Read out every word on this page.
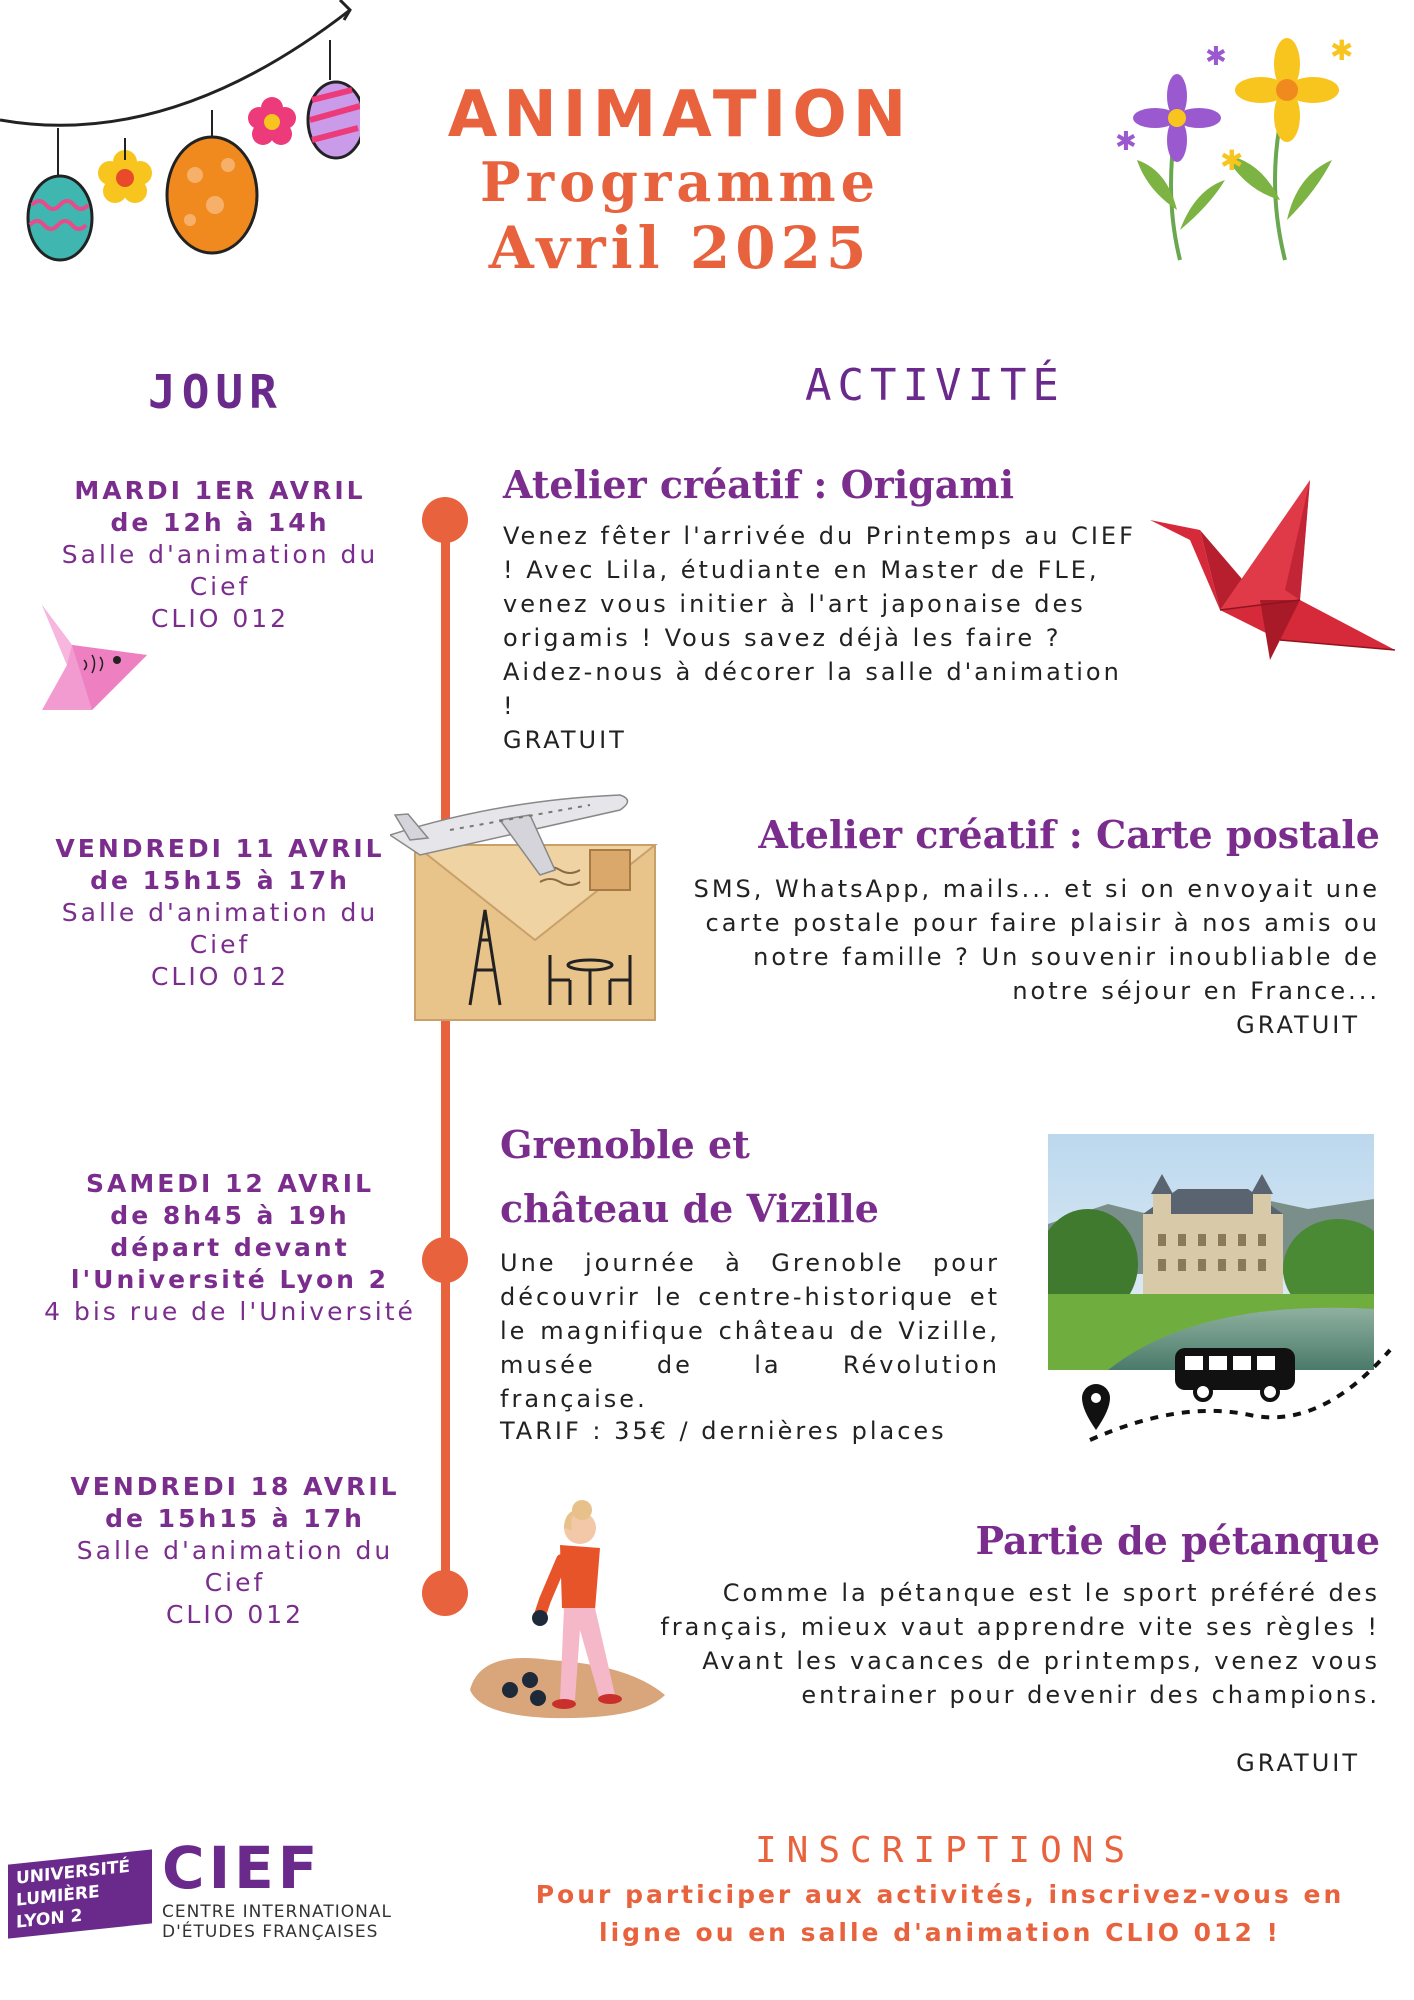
✱
✱	✱
✱
ANIMATION
Programme
Avril 2025
JOUR	ACTIVITÉ
MARDI 1ER AVRIL
de 12h à 14h
Salle d'animation du Cief
CLIO 012
Atelier créatif : Origami
Venez fêter l'arrivée du Printemps au CIEF ! Avec Lila, étudiante en Master de FLE, venez vous initier à l'art japonaise des origamis ! Vous savez déjà les faire ? Aidez-nous à décorer la salle d'animation !
GRATUIT
VENDREDI 11 AVRIL
de 15h15 à 17h
Salle d'animation du Cief
CLIO 012
Atelier créatif : Carte postale
SMS, WhatsApp, mails... et si on envoyait une carte postale pour faire plaisir à nos amis ou notre famille ? Un souvenir inoubliable de notre séjour en France...
GRATUIT
SAMEDI 12 AVRIL
de 8h45 à 19h
départ devant l'Université Lyon 2
4 bis rue de l'Université
Grenoble et
château de Vizille
Une journée à Grenoble pour découvrir le centre-historique et le magnifique château de Vizille, musée de la Révolution française.
TARIF : 35€ / dernières places
VENDREDI 18 AVRIL
de 15h15 à 17h
Salle d'animation du Cief
CLIO 012
Partie de pétanque
Comme la pétanque est le sport préféré des français, mieux vaut apprendre vite ses règles ! Avant les vacances de printemps, venez vous entrainer pour devenir des champions.
GRATUIT
UNIVERSITÉ LUMIÈRE LYON 2
CIEF
CENTRE INTERNATIONAL
D'ÉTUDES FRANÇAISES
INSCRIPTIONS
Pour participer aux activités, inscrivez-vous en ligne ou en salle d'animation CLIO 012 !
